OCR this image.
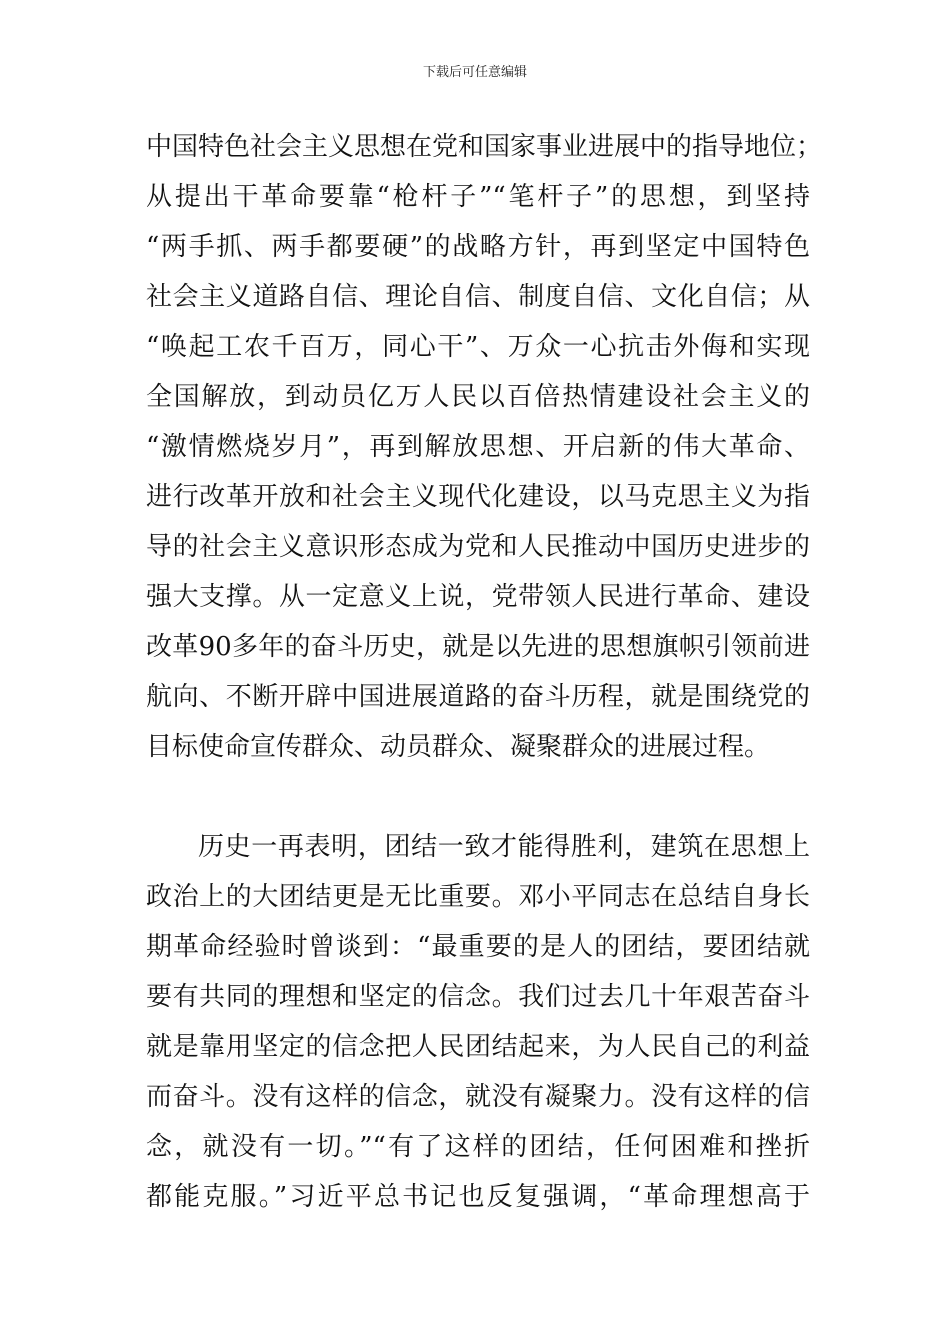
下载后可任意编辑
中国特色社会主义思想在党和国家事业进展中的指导地位；
从提出干革命要靠“枪杆子”“笔杆子”的思想，到坚持
“两手抓、两手都要硬”的战略方针，再到坚定中国特色
社会主义道路自信、理论自信、制度自信、文化自信；从
“唤起工农千百万，同心干”、万众一心抗击外侮和实现
全国解放，到动员亿万人民以百倍热情建设社会主义的
“激情燃烧岁月”，再到解放思想、开启新的伟大革命、
进行改革开放和社会主义现代化建设，以马克思主义为指
导的社会主义意识形态成为党和人民推动中国历史进步的
强大支撑。从一定意义上说，党带领人民进行革命、建设
改革90多年的奋斗历史，就是以先进的思想旗帜引领前进
航向、不断开辟中国进展道路的奋斗历程，就是围绕党的
目标使命宣传群众、动员群众、凝聚群众的进展过程。
历史一再表明，团结一致才能得胜利，建筑在思想上
政治上的大团结更是无比重要。邓小平同志在总结自身长
期革命经验时曾谈到：“最重要的是人的团结，要团结就
要有共同的理想和坚定的信念。我们过去几十年艰苦奋斗
就是靠用坚定的信念把人民团结起来，为人民自己的利益
而奋斗。没有这样的信念，就没有凝聚力。没有这样的信
念，就没有一切。”“有了这样的团结，任何困难和挫折
都能克服。”习近平总书记也反复强调，“革命理想高于
